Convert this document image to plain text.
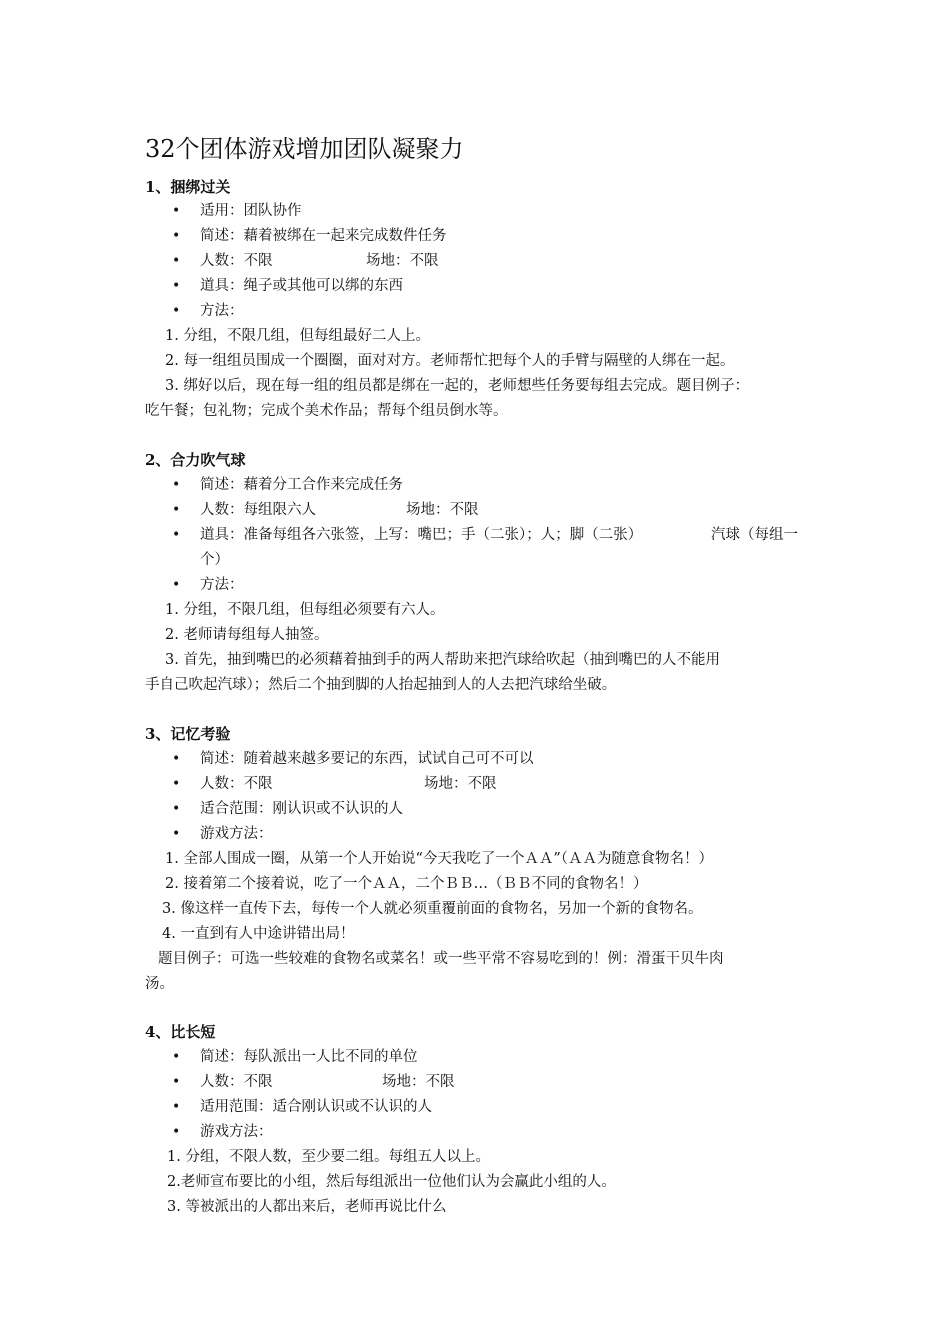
32个团体游戏增加团队凝聚力
1、捆绑过关
• 适用：团队协作
• 简述：藉着被绑在一起来完成数件任务
• 人数：不限	场地：不限
• 道具：绳子或其他可以绑的东西
• 方法：
1. 分组，不限几组，但每组最好二人上。
2. 每一组组员围成一个圈圈，面对对方。老师帮忙把每个人的手臂与隔壁的人绑在一起。
3. 绑好以后，现在每一组的组员都是绑在一起的，老师想些任务要每组去完成。题目例子：
吃午餐；包礼物；完成个美术作品；帮每个组员倒水等。
2、合力吹气球
• 简述：藉着分工合作来完成任务
• 人数：每组限六人	场地：不限
• 道具：准备每组各六张签，上写：嘴巴；手（二张）；人；脚（二张）	汽球（每组一
个）
• 方法：
1. 分组，不限几组，但每组必须要有六人。
2. 老师请每组每人抽签。
3. 首先，抽到嘴巴的必须藉着抽到手的两人帮助来把汽球给吹起（抽到嘴巴的人不能用
手自己吹起汽球）；然后二个抽到脚的人抬起抽到人的人去把汽球给坐破。
3、记忆考验
• 简述：随着越来越多要记的东西，试试自己可不可以
• 人数：不限	场地：不限
• 适合范围：刚认识或不认识的人
• 游戏方法：
1. 全部人围成一圈，从第一个人开始说“今天我吃了一个ＡＡ”（ＡＡ为随意食物名！）
2. 接着第二个接着说，吃了一个ＡＡ，二个ＢＢ…（ＢＢ不同的食物名！）
3. 像这样一直传下去，每传一个人就必须重覆前面的食物名，另加一个新的食物名。
4. 一直到有人中途讲错出局！
题目例子：可选一些较难的食物名或菜名！或一些平常不容易吃到的！例：滑蛋干贝牛肉
汤。
4、比长短
• 简述：每队派出一人比不同的单位
• 人数：不限	场地：不限
• 适用范围：适合刚认识或不认识的人
• 游戏方法：
1. 分组，不限人数，至少要二组。每组五人以上。
2.老师宣布要比的小组，然后每组派出一位他们认为会赢此小组的人。
3. 等被派出的人都出来后，老师再说比什么
